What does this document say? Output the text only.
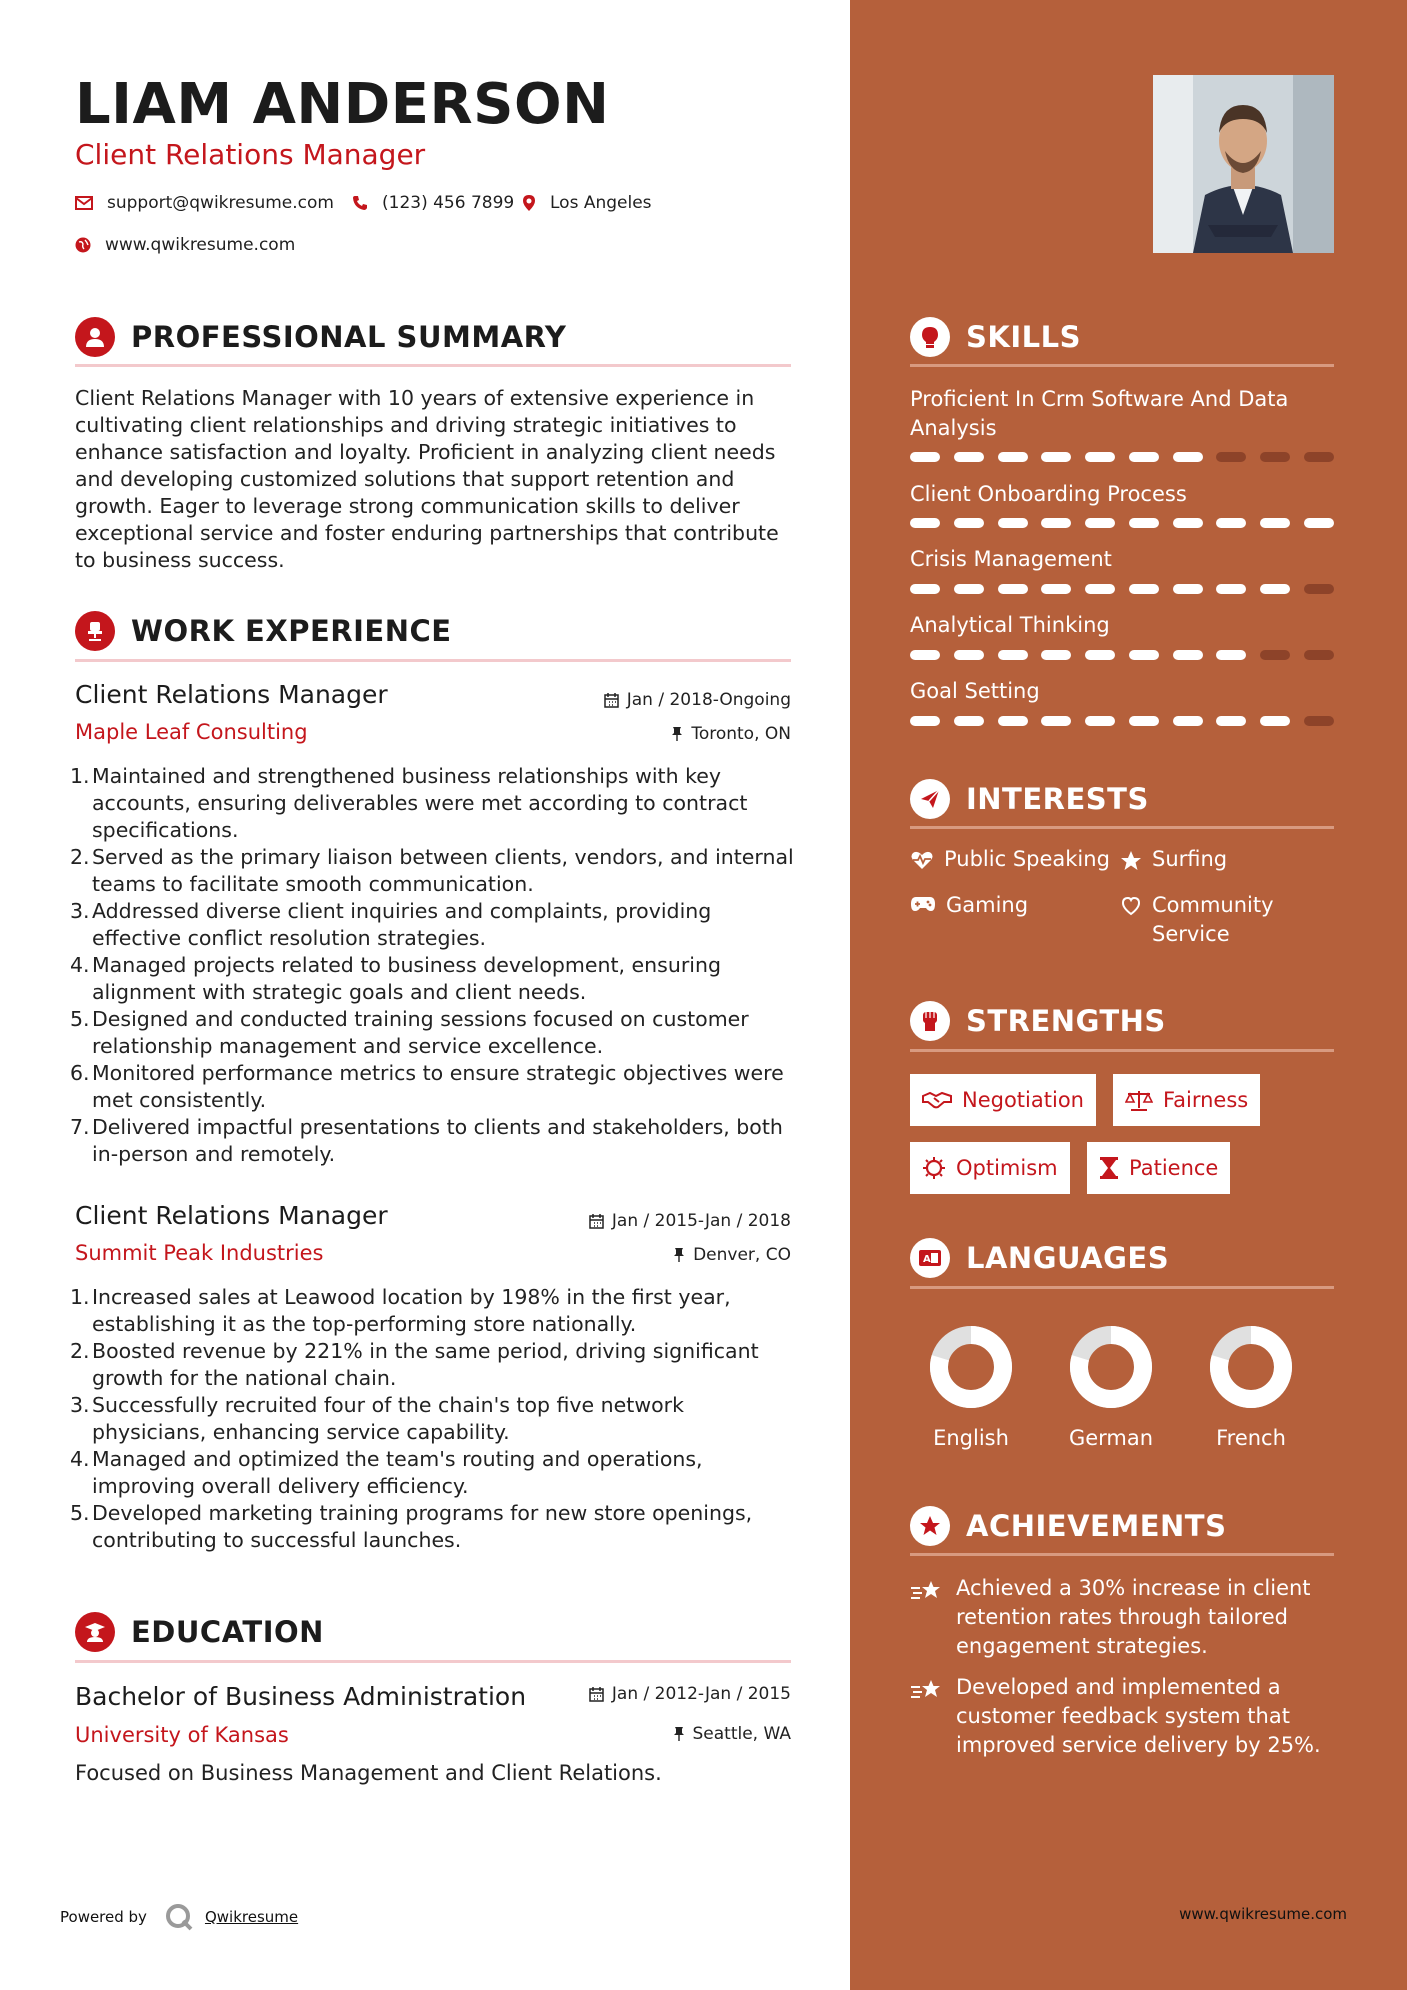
LIAM ANDERSON
Client Relations Manager
support@qwikresume.com	(123) 456 7899 Los Angeles
www.qwikresume.com
PROFESSIONAL SUMMARY
Client Relations Manager with 10 years of extensive experience in cultivating client relationships and driving strategic initiatives to enhance satisfaction and loyalty. Proficient in analyzing client needs and developing customized solutions that support retention and growth. Eager to leverage strong communication skills to deliver exceptional service and foster enduring partnerships that contribute to business success.
WORK EXPERIENCE
Client Relations Manager
Maple Leaf Consulting
Jan / 2018-Ongoing
Toronto, ON
1. Maintained and strengthened business relationships with key accounts, ensuring deliverables were met according to contract specifications.
2. Served as the primary liaison between clients, vendors, and internal teams to facilitate smooth communication.
3. Addressed diverse client inquiries and complaints, providing effective conflict resolution strategies.
4. Managed projects related to business development, ensuring alignment with strategic goals and client needs.
5. Designed and conducted training sessions focused on customer relationship management and service excellence.
6. Monitored performance metrics to ensure strategic objectives were met consistently.
7. Delivered impactful presentations to clients and stakeholders, both in-person and remotely.
Client Relations Manager
Summit Peak Industries
Jan / 2015-Jan / 2018
Denver, CO
1. Increased sales at Leawood location by 198% in the first year, establishing it as the top-performing store nationally.
2. Boosted revenue by 221% in the same period, driving significant growth for the national chain.
3. Successfully recruited four of the chain's top five network physicians, enhancing service capability.
4. Managed and optimized the team's routing and operations, improving overall delivery efficiency.
5. Developed marketing training programs for new store openings, contributing to successful launches.
EDUCATION
Bachelor of Business Administration
University of Kansas
Jan / 2012-Jan / 2015
Seattle, WA
Focused on Business Management and Client Relations.
Powered by	Qwikresume
SKILLS
Proficient In Crm Software And Data Analysis
Client Onboarding Process
Crisis Management
Analytical Thinking
Goal Setting
INTERESTS
Public Speaking Surfing
Gaming	Community Service
STRENGTHS
Negotiation	Fairness
Optimism	Patience
A LANGUAGES
English	German	French
ACHIEVEMENTS
Achieved a 30% increase in client retention rates through tailored engagement strategies.
Developed and implemented a customer feedback system that improved service delivery by 25%.
www.qwikresume.com
